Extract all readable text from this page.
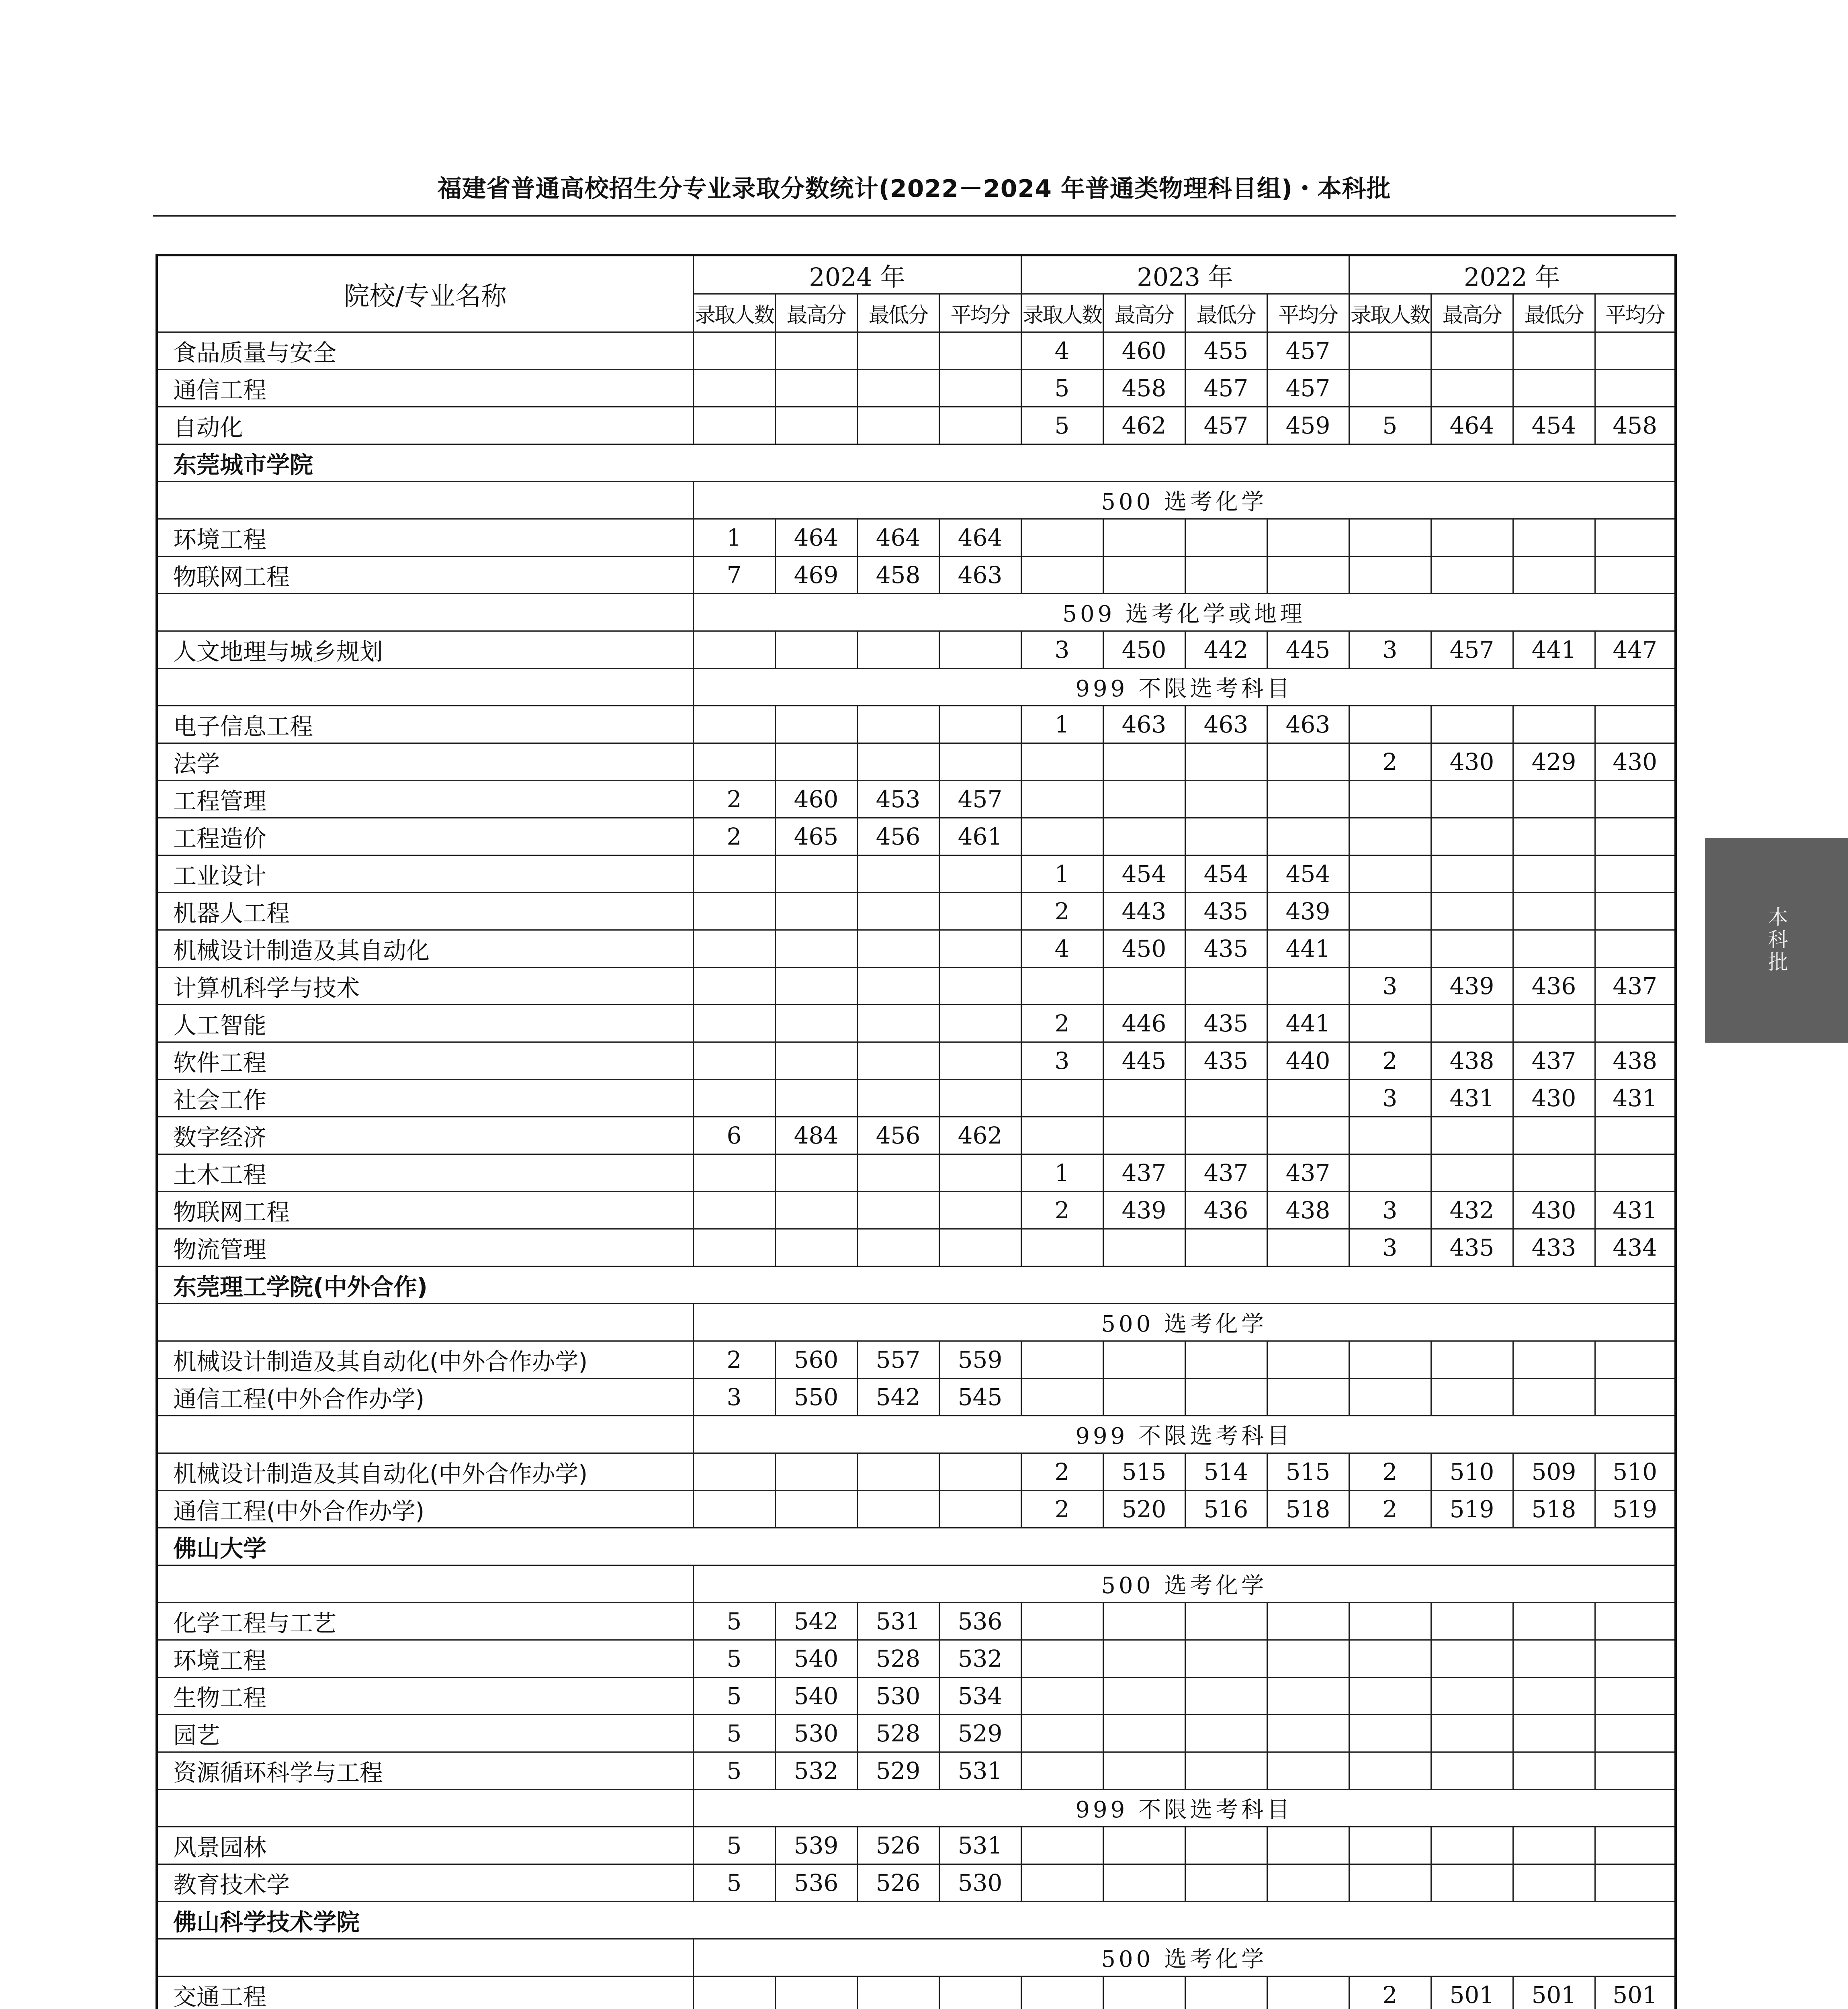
福建省普通高校招生分专业录取分数统计(2022－2024 年普通类物理科目组)・本科批
院校/专业名称	2024 年				2023 年				2022 年			
	录取人数	最高分	最低分	平均分	录取人数	最高分	最低分	平均分	录取人数	最高分	最低分	平均分
食品质量与安全					4	460	455	457				
通信工程					5	458	457	457				
自动化					5	462	457	459	5	464	454	458
东莞城市学院												
	500 选考化学											
环境工程	1	464	464	464								
物联网工程	7	469	458	463								
	509 选考化学或地理											
人文地理与城乡规划					3	450	442	445	3	457	441	447
	999 不限选考科目											
电子信息工程					1	463	463	463				
法学									2	430	429	430
工程管理	2	460	453	457								
工程造价	2	465	456	461								
工业设计					1	454	454	454				
机器人工程					2	443	435	439				
机械设计制造及其自动化					4	450	435	441				
计算机科学与技术									3	439	436	437
人工智能					2	446	435	441				
软件工程					3	445	435	440	2	438	437	438
社会工作									3	431	430	431
数字经济	6	484	456	462								
土木工程					1	437	437	437				
物联网工程					2	439	436	438	3	432	430	431
物流管理									3	435	433	434
东莞理工学院(中外合作)												
	500 选考化学											
机械设计制造及其自动化(中外合作办学)	2	560	557	559								
通信工程(中外合作办学)	3	550	542	545								
	999 不限选考科目											
机械设计制造及其自动化(中外合作办学)					2	515	514	515	2	510	509	510
通信工程(中外合作办学)					2	520	516	518	2	519	518	519
佛山大学												
	500 选考化学											
化学工程与工艺	5	542	531	536								
环境工程	5	540	528	532								
生物工程	5	540	530	534								
园艺	5	530	528	529								
资源循环科学与工程	5	532	529	531								
	999 不限选考科目											
风景园林	5	539	526	531								
教育技术学	5	536	526	530								
佛山科学技术学院												
	500 选考化学											
交通工程									2	501	501	501

本科批
